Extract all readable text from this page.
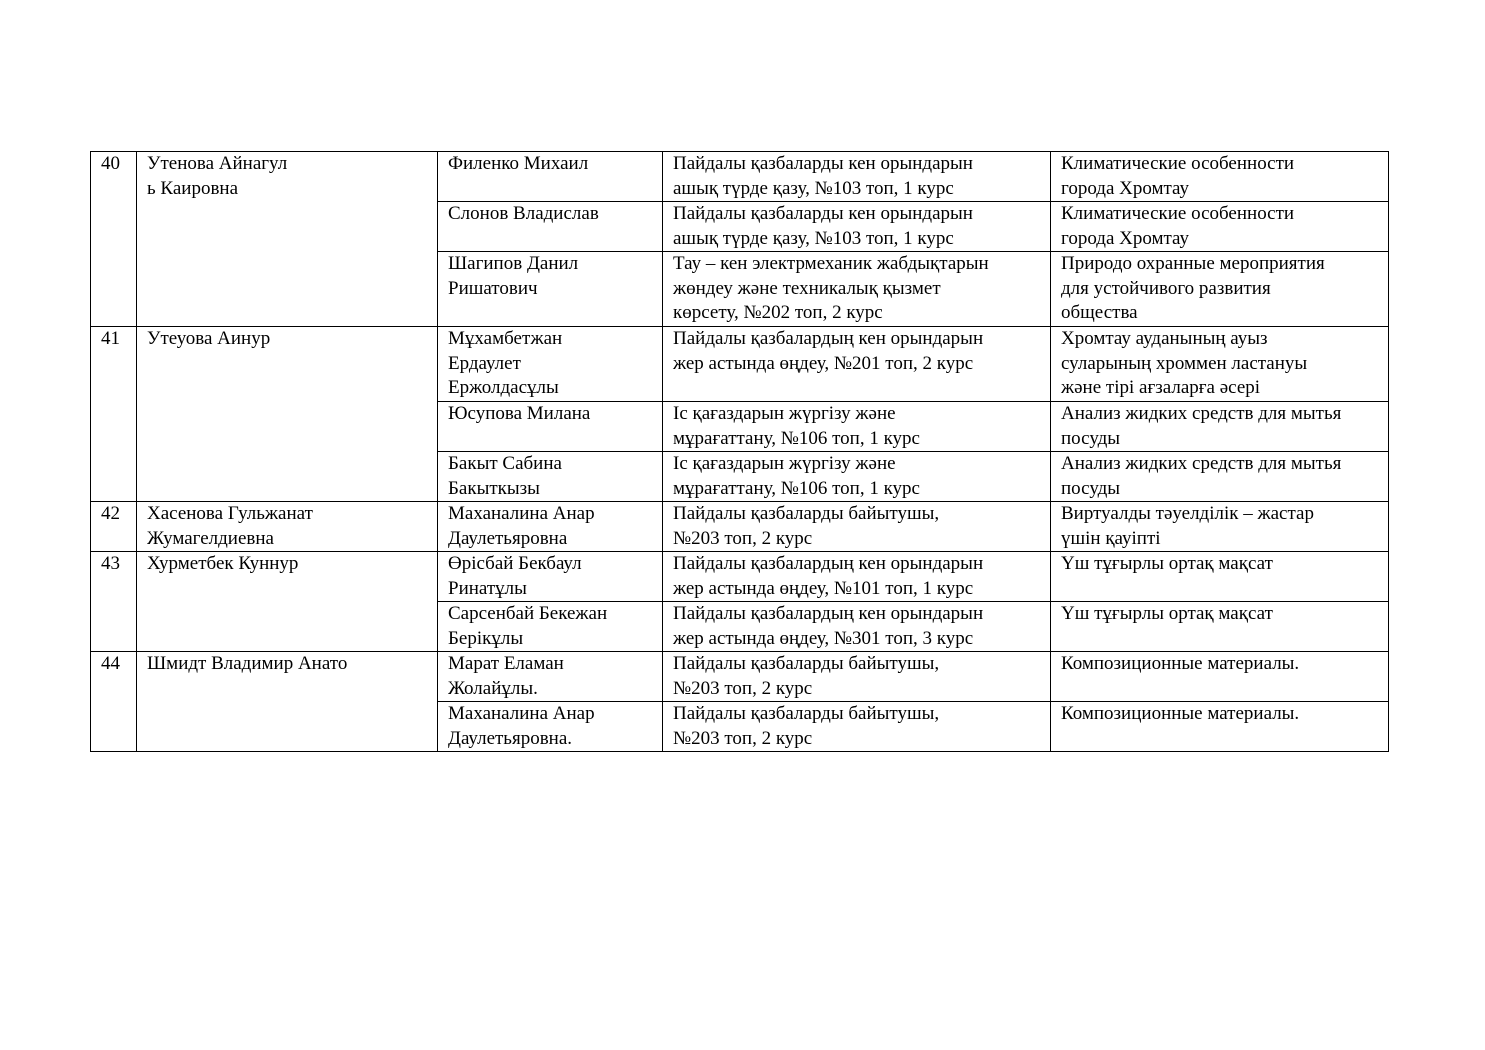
40	Утенова Айнагул
ь Каировна	Филенко Михаил	Пайдалы қазбаларды кен орындарын
ашық түрде қазу, №103 топ, 1 курс	Климатические особенности
города Хромтау
		Слонов Владислав	Пайдалы қазбаларды кен орындарын
ашық түрде қазу, №103 топ, 1 курс	Климатические особенности
города Хромтау
		Шагипов Данил
Ришатович	Тау – кен электрмеханик жабдықтарын
жөндеу және техникалық қызмет
көрсету, №202 топ, 2 курс	Природо охранные мероприятия
для устойчивого развития
общества
41	Утеуова Аинур	Мұхамбетжан
Ердаулет
Ержолдасұлы	Пайдалы қазбалардың кен орындарын
жер астында өңдеу, №201 топ, 2 курс	Хромтау ауданының ауыз
суларының хроммен ластануы
және тірі ағзаларға әсері
		Юсупова Милана	Іс қағаздарын жүргізу және
мұрағаттану, №106 топ, 1 курс	Анализ жидких средств для мытья
посуды
		Бакыт Сабина
Бакыткызы	Іс қағаздарын жүргізу және
мұрағаттану, №106 топ, 1 курс	Анализ жидких средств для мытья
посуды
42	Хасенова Гульжанат
Жумагелдиевна	Маханалина Анар
Даулетьяровна	Пайдалы қазбаларды байытушы,
№203 топ, 2 курс	Виртуалды тәуелділік – жастар
үшін қауіпті
43	Хурметбек Куннур	Өрісбай Бекбаул
Ринатұлы	Пайдалы қазбалардың кен орындарын
жер астында өңдеу, №101 топ, 1 курс	Үш тұғырлы ортақ мақсат
		Сарсенбай Бекежан
Берікұлы	Пайдалы қазбалардың кен орындарын
жер астында өңдеу, №301 топ, 3 курс	Үш тұғырлы ортақ мақсат
44	Шмидт Владимир Анато	Марат Еламан
Жолайұлы.	Пайдалы қазбаларды байытушы,
№203 топ, 2 курс	Композиционные материалы.
		Маханалина Анар
Даулетьяровна.	Пайдалы қазбаларды байытушы,
№203 топ, 2 курс	Композиционные материалы.
